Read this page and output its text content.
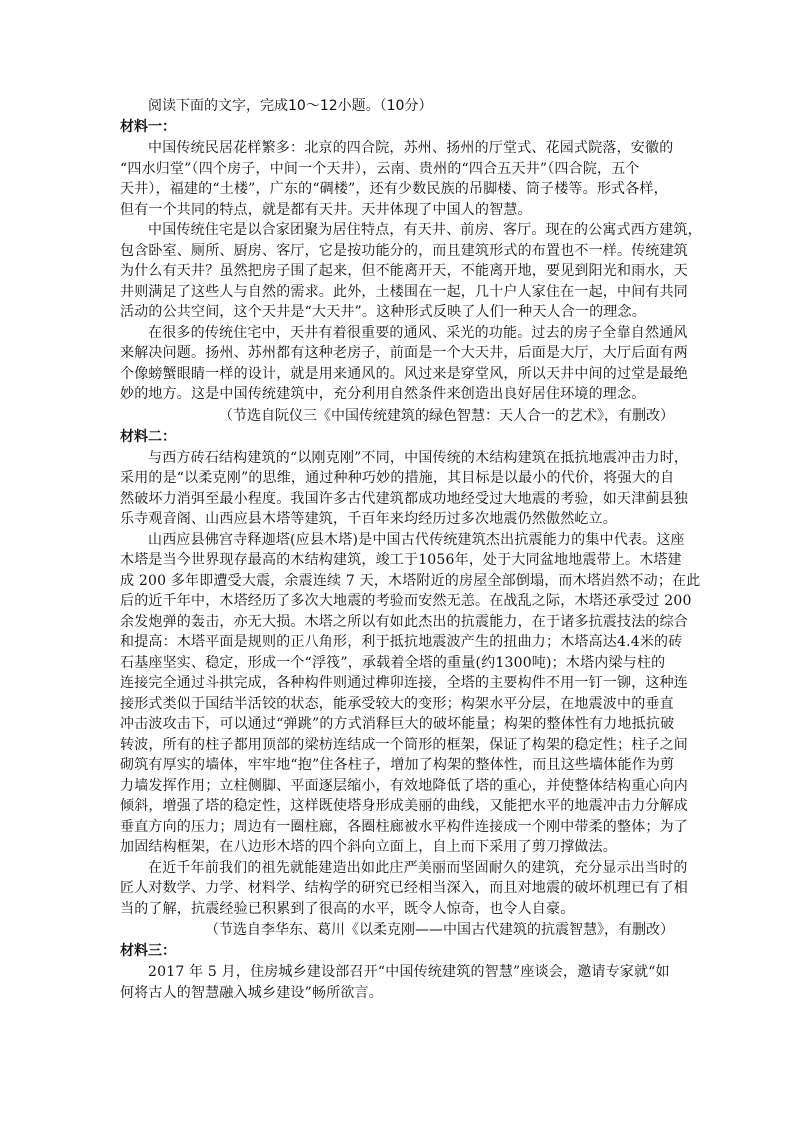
阅读下面的文字，完成10～12小题。（10分）

材料一：

中国传统民居花样繁多：北京的四合院，苏州、扬州的厅堂式、花园式院落，安徽的

“四水归堂”（四个房子，中间一个天井），云南、贵州的“四合五天井”（四合院，五个

天井），福建的“土楼”，广东的“碉楼”，还有少数民族的吊脚楼、筒子楼等。形式各样，

但有一个共同的特点，就是都有天井。天井体现了中国人的智慧。

中国传统住宅是以合家团聚为居住特点，有天井、前房、客厅。现在的公寓式西方建筑，

包含卧室、厕所、厨房、客厅，它是按功能分的，而且建筑形式的布置也不一样。传统建筑

为什么有天井？虽然把房子围了起来，但不能离开天，不能离开地，要见到阳光和雨水，天

井则满足了这些人与自然的需求。此外，土楼围在一起，几十户人家住在一起，中间有共同

活动的公共空间，这个天井是“大天井”。这种形式反映了人们一种天人合一的理念。

在很多的传统住宅中，天井有着很重要的通风、采光的功能。过去的房子全靠自然通风

来解决问题。扬州、苏州都有这种老房子，前面是一个大天井，后面是大厅，大厅后面有两

个像螃蟹眼睛一样的设计，就是用来通风的。风过来是穿堂风，所以天井中间的过堂是最绝

妙的地方。这是中国传统建筑中，充分利用自然条件来创造出良好居住环境的理念。

（节选自阮仪三《中国传统建筑的绿色智慧：天人合一的艺术》，有删改）

材料二：

与西方砖石结构建筑的“以刚克刚”不同，中国传统的木结构建筑在抵抗地震冲击力时，

采用的是“以柔克刚”的思维，通过种种巧妙的措施，其目标是以最小的代价，将强大的自

然破坏力消弭至最小程度。我国许多古代建筑都成功地经受过大地震的考验，如天津蓟县独

乐寺观音阁、山西应县木塔等建筑，千百年来均经历过多次地震仍然傲然屹立。

山西应县佛宫寺释迦塔(应县木塔)是中国古代传统建筑杰出抗震能力的集中代表。这座

木塔是当今世界现存最高的木结构建筑，竣工于1056年，处于大同盆地地震带上。木塔建

成 200 多年即遭受大震，余震连续 7 天，木塔附近的房屋全部倒塌，而木塔岿然不动；在此

后的近千年中，木塔经历了多次大地震的考验而安然无恙。在战乱之际，木塔还承受过 200

余发炮弹的轰击，亦无大损。木塔之所以有如此杰出的抗震能力，在于诸多抗震技法的综合

和提高：木塔平面是规则的正八角形，利于抵抗地震波产生的扭曲力；木塔高达4.4米的砖

石基座坚实、稳定，形成一个“浮筏”，承载着全塔的重量(约1300吨)；木塔内梁与柱的

连接完全通过斗拱完成，各种构件则通过榫卯连接，全塔的主要构件不用一钉一铆，这种连

接形式类似于国结半活铰的状态，能承受较大的变形；构架水平分层，在地震波中的垂直

冲击波攻击下，可以通过“弹跳”的方式消释巨大的破坏能量；构架的整体性有力地抵抗破

转波，所有的柱子都用顶部的梁枋连结成一个筒形的框架，保证了构架的稳定性；柱子之间

砌筑有厚实的墙体，牢牢地“抱”住各柱子，增加了构架的整体性，而且这些墙体能作为剪

力墙发挥作用；立柱侧脚、平面逐层缩小，有效地降低了塔的重心，并使整体结构重心向内

倾斜，增强了塔的稳定性，这样既使塔身形成美丽的曲线，又能把水平的地震冲击力分解成

垂直方向的压力；周边有一圈柱廊，各圈柱廊被水平构件连接成一个刚中带柔的整体；为了

加固结构框架，在八边形木塔的四个斜向立面上，自上而下采用了剪刀撑做法。

在近千年前我们的祖先就能建造出如此庄严美丽而坚固耐久的建筑，充分显示出当时的

匠人对数学、力学、材料学、结构学的研究已经相当深入，而且对地震的破坏机理已有了相

当的了解，抗震经验已积累到了很高的水平，既令人惊奇，也令人自豪。

（节选自李华东、葛川《以柔克刚——中国古代建筑的抗震智慧》，有删改）

材料三：

2017 年 5 月，住房城乡建设部召开“中国传统建筑的智慧”座谈会，邀请专家就“如

何将古人的智慧融入城乡建设”畅所欲言。
